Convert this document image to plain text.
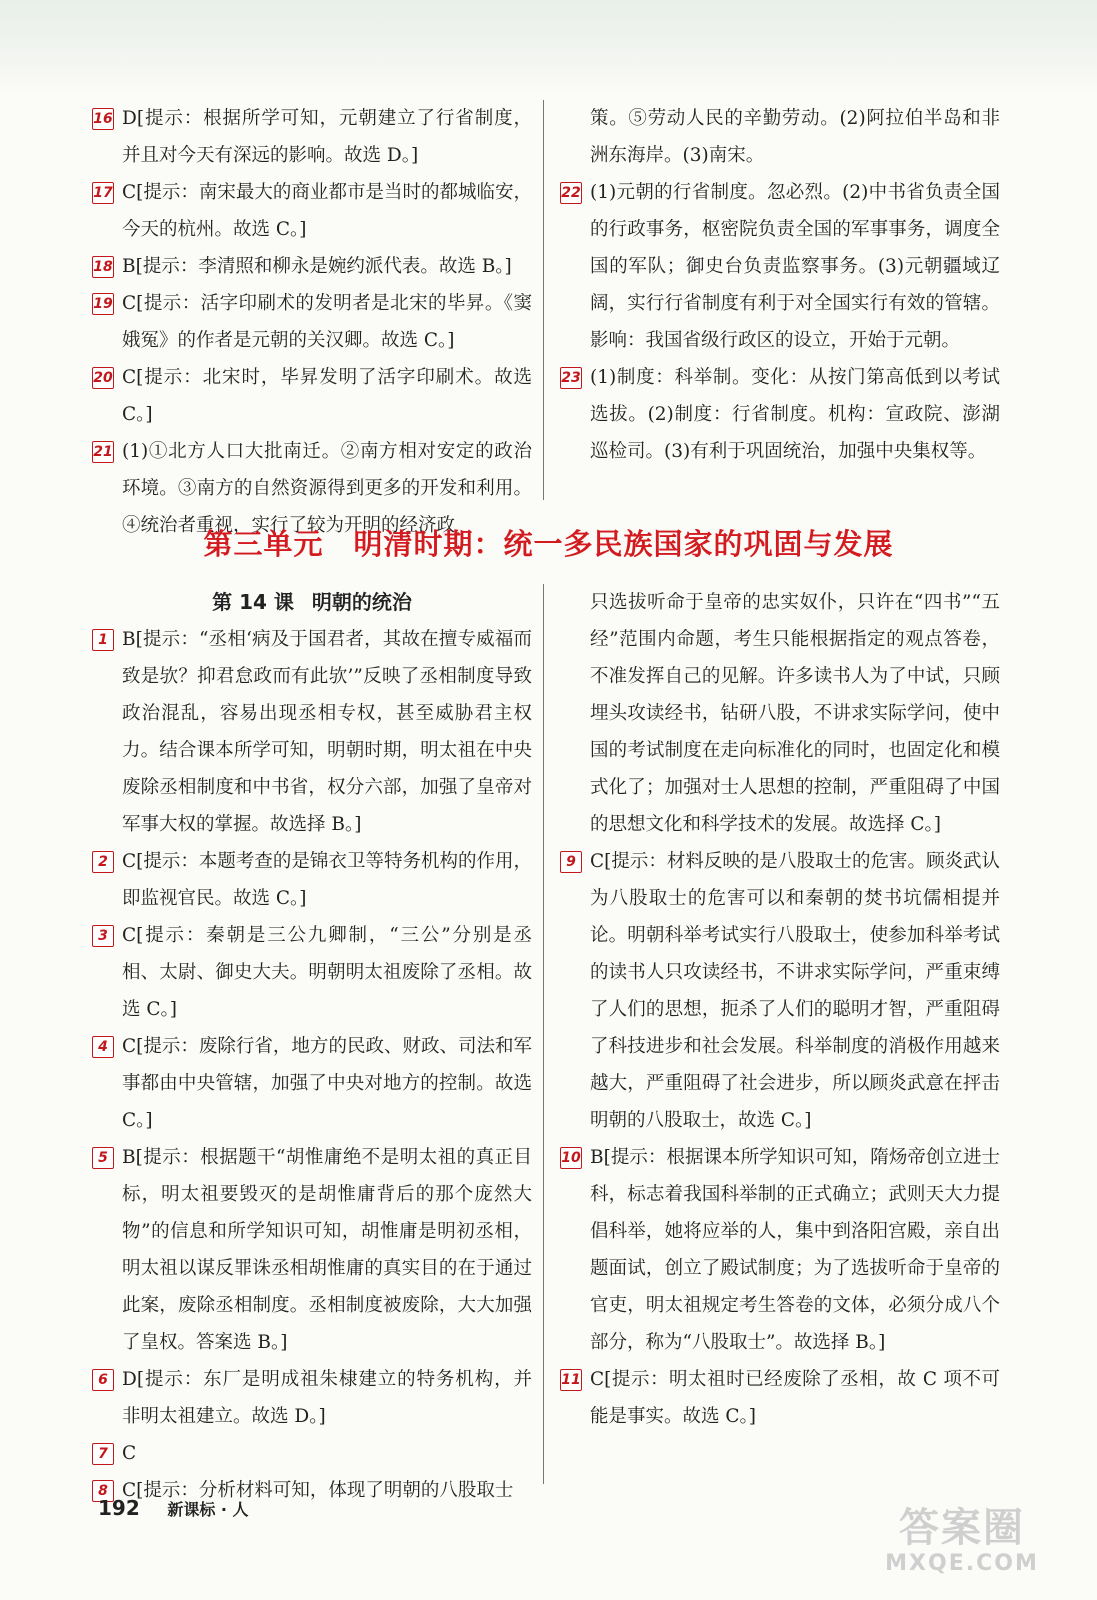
16 D[提示：根据所学可知，元朝建立了行省制度，并且对今天有深远的影响。故选 D。]
17 C[提示：南宋最大的商业都市是当时的都城临安，今天的杭州。故选 C。]
18 B[提示：李清照和柳永是婉约派代表。故选 B。]
19 C[提示：活字印刷术的发明者是北宋的毕昇。《窦娥冤》的作者是元朝的关汉卿。故选 C。]
20 C[提示：北宋时，毕昇发明了活字印刷术。故选 C。]
21 (1)①北方人口大批南迁。②南方相对安定的政治环境。③南方的自然资源得到更多的开发和利用。④统治者重视，实行了较为开明的经济政
策。⑤劳动人民的辛勤劳动。(2)阿拉伯半岛和非洲东海岸。(3)南宋。
22 (1)元朝的行省制度。忽必烈。(2)中书省负责全国的行政事务，枢密院负责全国的军事事务，调度全国的军队；御史台负责监察事务。(3)元朝疆域辽阔，实行行省制度有利于对全国实行有效的管辖。影响：我国省级行政区的设立，开始于元朝。
23 (1)制度：科举制。变化：从按门第高低到以考试选拔。(2)制度：行省制度。机构：宣政院、澎湖巡检司。(3)有利于巩固统治，加强中央集权等。
第三单元 明清时期：统一多民族国家的巩固与发展
第 14 课 明朝的统治
1 B[提示：“丞相‘病及于国君者，其故在擅专威福而致是欤？抑君怠政而有此欤’”反映了丞相制度导致政治混乱，容易出现丞相专权，甚至威胁君主权力。结合课本所学可知，明朝时期，明太祖在中央废除丞相制度和中书省，权分六部，加强了皇帝对军事大权的掌握。故选择 B。]
2 C[提示：本题考查的是锦衣卫等特务机构的作用，即监视官民。故选 C。]
3 C[提示：秦朝是三公九卿制，“三公”分别是丞相、太尉、御史大夫。明朝明太祖废除了丞相。故选 C。]
4 C[提示：废除行省，地方的民政、财政、司法和军事都由中央管辖，加强了中央对地方的控制。故选 C。]
5 B[提示：根据题干“胡惟庸绝不是明太祖的真正目标，明太祖要毁灭的是胡惟庸背后的那个庞然大物”的信息和所学知识可知，胡惟庸是明初丞相，明太祖以谋反罪诛丞相胡惟庸的真实目的在于通过此案，废除丞相制度。丞相制度被废除，大大加强了皇权。答案选 B。]
6 D[提示：东厂是明成祖朱棣建立的特务机构，并非明太祖建立。故选 D。]
7 C
8 C[提示：分析材料可知，体现了明朝的八股取士
只选拔听命于皇帝的忠实奴仆，只许在“四书”“五经”范围内命题，考生只能根据指定的观点答卷，不准发挥自己的见解。许多读书人为了中试，只顾埋头攻读经书，钻研八股，不讲求实际学问，使中国的考试制度在走向标准化的同时，也固定化和模式化了；加强对士人思想的控制，严重阻碍了中国的思想文化和科学技术的发展。故选择 C。]
9 C[提示：材料反映的是八股取士的危害。顾炎武认为八股取士的危害可以和秦朝的焚书坑儒相提并论。明朝科举考试实行八股取士，使参加科举考试的读书人只攻读经书，不讲求实际学问，严重束缚了人们的思想，扼杀了人们的聪明才智，严重阻碍了科技进步和社会发展。科举制度的消极作用越来越大，严重阻碍了社会进步，所以顾炎武意在抨击明朝的八股取士，故选 C。]
10 B[提示：根据课本所学知识可知，隋炀帝创立进士科，标志着我国科举制的正式确立；武则天大力提倡科举，她将应举的人，集中到洛阳宫殿，亲自出题面试，创立了殿试制度；为了选拔听命于皇帝的官吏，明太祖规定考生答卷的文体，必须分成八个部分，称为“八股取士”。故选择 B。]
11 C[提示：明太祖时已经废除了丞相，故 C 项不可能是事实。故选 C。]
192 新课标 · 人	答案圈
MXQE.COM
